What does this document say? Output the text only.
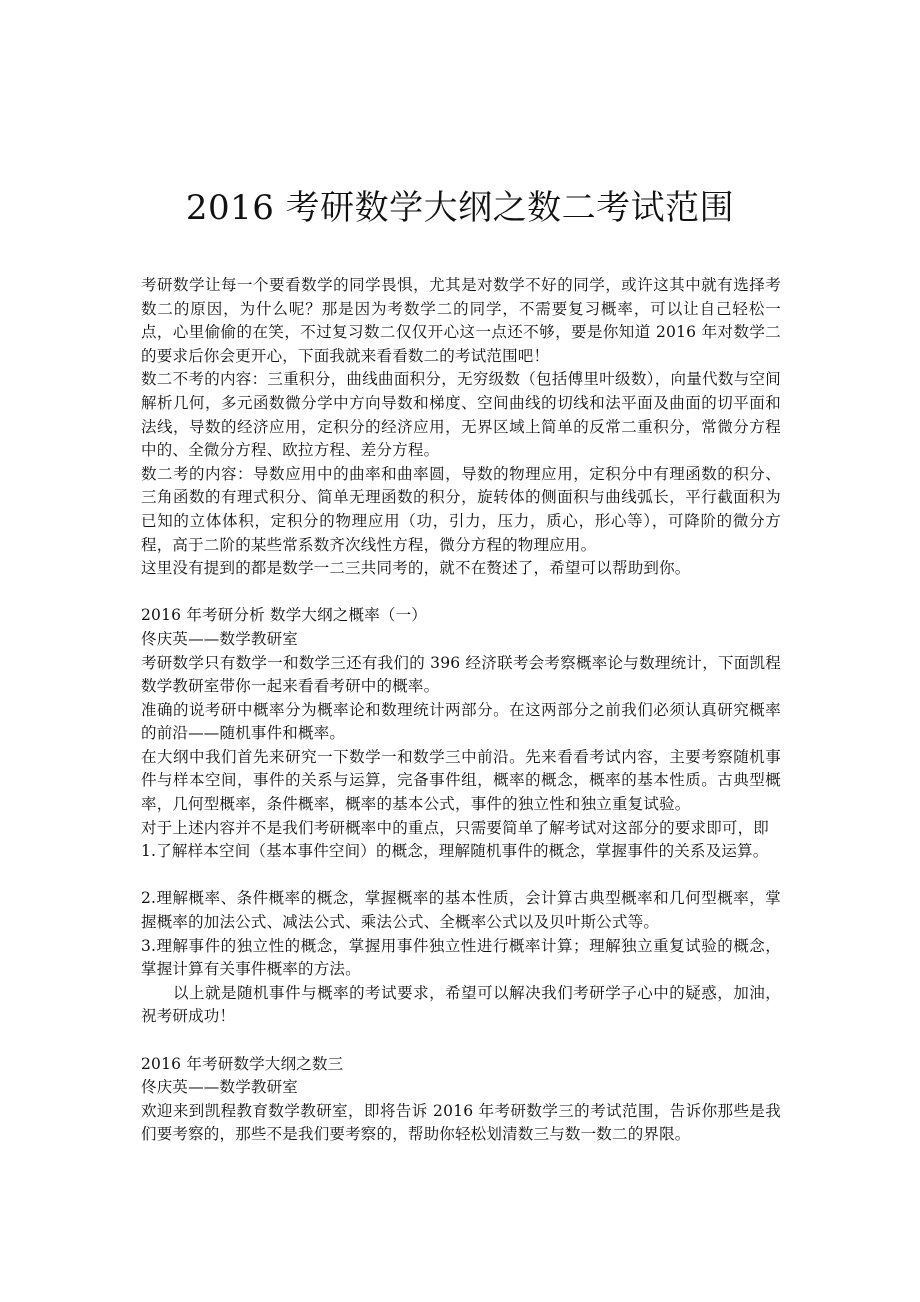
2016 考研数学大纲之数二考试范围

考研数学让每一个要看数学的同学畏惧，尤其是对数学不好的同学，或许这其中就有选择考数二的原因，为什么呢？那是因为考数学二的同学，不需要复习概率，可以让自己轻松一点，心里偷偷的在笑，不过复习数二仅仅开心这一点还不够，要是你知道 2016 年对数学二的要求后你会更开心，下面我就来看看数二的考试范围吧！

数二不考的内容：三重积分，曲线曲面积分，无穷级数（包括傅里叶级数），向量代数与空间解析几何，多元函数微分学中方向导数和梯度、空间曲线的切线和法平面及曲面的切平面和法线，导数的经济应用，定积分的经济应用，无界区域上简单的反常二重积分，常微分方程中的、全微分方程、欧拉方程、差分方程。

数二考的内容：导数应用中的曲率和曲率圆，导数的物理应用，定积分中有理函数的积分、三角函数的有理式积分、简单无理函数的积分，旋转体的侧面积与曲线弧长，平行截面积为已知的立体体积，定积分的物理应用（功，引力，压力，质心，形心等），可降阶的微分方程，高于二阶的某些常系数齐次线性方程，微分方程的物理应用。

这里没有提到的都是数学一二三共同考的，就不在赘述了，希望可以帮助到你。

2016 年考研分析 数学大纲之概率（一）

佟庆英——数学教研室

考研数学只有数学一和数学三还有我们的 396 经济联考会考察概率论与数理统计，下面凯程数学教研室带你一起来看看考研中的概率。

准确的说考研中概率分为概率论和数理统计两部分。在这两部分之前我们必须认真研究概率的前沿——随机事件和概率。

在大纲中我们首先来研究一下数学一和数学三中前沿。先来看看考试内容，主要考察随机事件与样本空间，事件的关系与运算，完备事件组，概率的概念，概率的基本性质。古典型概率，几何型概率，条件概率，概率的基本公式，事件的独立性和独立重复试验。

对于上述内容并不是我们考研概率中的重点，只需要简单了解考试对这部分的要求即可，即

1.了解样本空间（基本事件空间）的概念，理解随机事件的概念，掌握事件的关系及运算。

2.理解概率、条件概率的概念，掌握概率的基本性质，会计算古典型概率和几何型概率，掌握概率的加法公式、减法公式、乘法公式、全概率公式以及贝叶斯公式等。

3.理解事件的独立性的概念，掌握用事件独立性进行概率计算；理解独立重复试验的概念，掌握计算有关事件概率的方法。

以上就是随机事件与概率的考试要求，希望可以解决我们考研学子心中的疑惑，加油，祝考研成功！

2016 年考研数学大纲之数三

佟庆英——数学教研室

欢迎来到凯程教育数学教研室，即将告诉 2016 年考研数学三的考试范围，告诉你那些是我们要考察的，那些不是我们要考察的，帮助你轻松划清数三与数一数二的界限。
